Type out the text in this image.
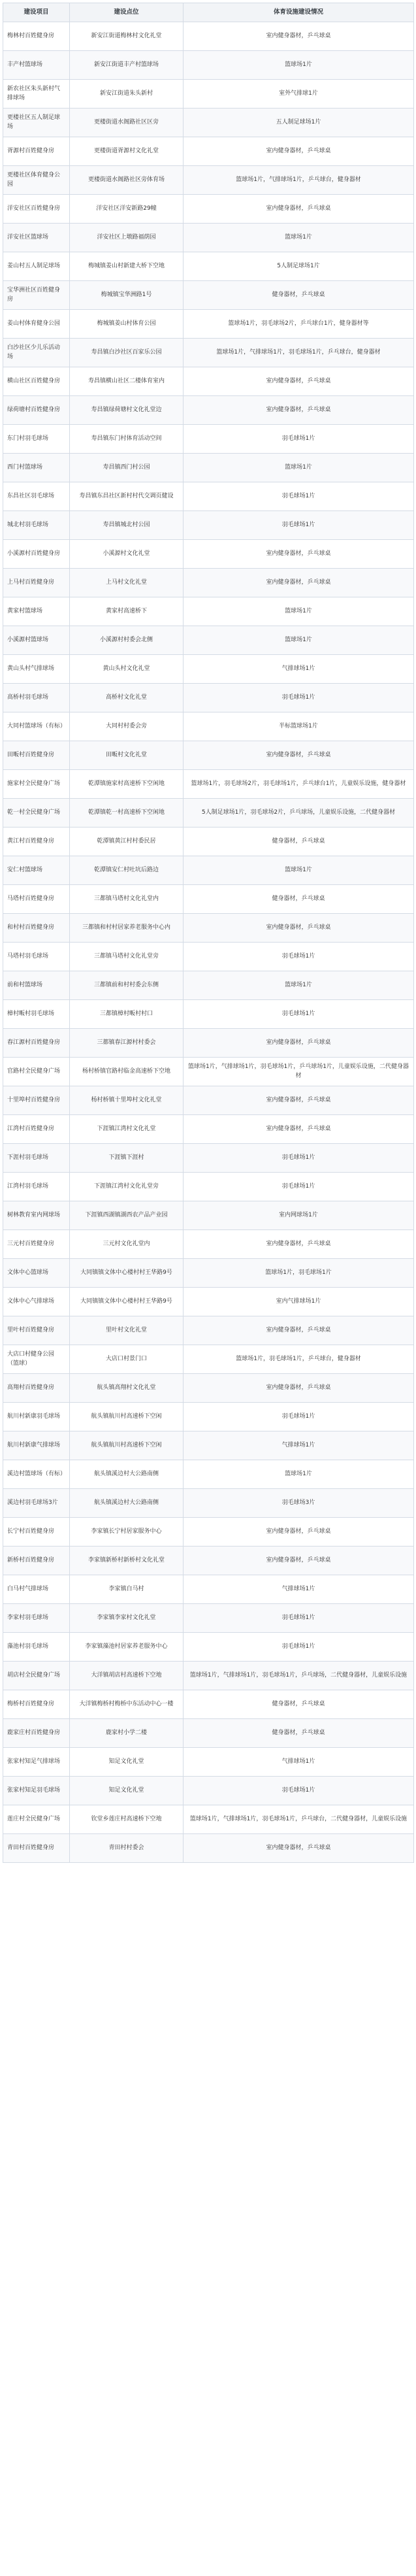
建设项目	建设点位	体育设施建设情况
梅林村百姓健身房	新安江街道梅林村文化礼堂	室内健身器材，乒乓球桌
丰产村篮球场	新安江街道丰产村篮球场	篮球场1片
新农社区朱头新村气排球场	新安江街道朱头新村	室外气排球1片
更楼社区五人制足球场	更楼街道水阁路社区区旁	五人制足球场1片
胥源村百姓健身房	更楼街道胥源村文化礼堂	室内健身器材，乒乓球桌
更楼社区体育健身公园	更楼街道水阁路社区旁体育场	篮球场1片，气排球场1片，乒乓球台，健身器材
洋安社区百姓健身房	洋安社区洋安新路29幢	室内健身器材，乒乓球桌
洋安社区篮球场	洋安社区上墩路福荫园	篮球场1片
姜山村五人制足球场	梅城镇姜山村新建大桥下空地	5人制足球场1片
宝华洲社区百姓健身房	梅城镇宝华洲路1号	健身器材，乒乓球桌
姜山村体育健身公园	梅城镇姜山村体育公园	篮球场1片，羽毛球场2片，乒乓球台1片，健身器材等
白沙社区少儿乐活动场	寿昌镇白沙社区百家乐公园	篮球场1片，气排球场1片，羽毛球场1片，乒乓球台，健身器材
横山社区百姓健身房	寿昌镇横山社区二楼体育室内	室内健身器材，乒乓球桌
绿荷塘村百姓健身房	寿昌镇绿荷塘村文化礼堂边	室内健身器材，乒乓球桌
东门村羽毛球场	寿昌镇东门村体育活动空间	羽毛球场1片
西门村篮球场	寿昌镇西门村公园	篮球场1片
东昌社区羽毛球场	寿昌镇东昌社区新村村代交调页健设	羽毛球场1片
城北村羽毛球场	寿昌镇城北村公园	羽毛球场1片
小溪源村百姓健身房	小溪源村文化礼堂	室内健身器材，乒乓球桌
上马村百姓健身房	上马村文化礼堂	室内健身器材，乒乓球桌
黄家村篮球场	黄家村高速桥下	篮球场1片
小溪源村篮球场	小溪源村村委会北侧	篮球场1片
黄山头村气排球场	黄山头村文化礼堂	气排球场1片
高桥村羽毛球场	高桥村文化礼堂	羽毛球场1片
大同村篮球场（有标）	大同村村委会旁	半标篮球场1片
田畈村百姓健身房	田畈村文化礼堂	室内健身器材，乒乓球桌
施家村全民健身广场	乾潭镇施家村高速桥下空闲地	篮球场1片，羽毛球场2片，羽毛球场1片，乒乓球台1片，儿童娱乐设施，健身器材
乾一村全民健身广场	乾潭镇乾一村高速桥下空闲地	5人制足球场1片，羽毛球场2片，乒乓球场，儿童娱乐设施，二代健身器材
黄江村百姓健身房	乾潭镇黄江村村委民居	健身器材，乒乓球桌
安仁村篮球场	乾潭镇安仁村吐坑后路边	篮球场1片
马塔村百姓健身房	三都镇马塔村文化礼堂内	健身器材，乒乓球桌
和村村百姓健身房	三都镇和村村居家养老服务中心内	室内健身器材，乒乓球桌
马塔村羽毛球场	三都镇马塔村文化礼堂旁	羽毛球场1片
前和村篮球场	三都镇前和村村委会东侧	篮球场1片
樟村畈村羽毛球场	三都镇樟村畈村村口	羽毛球场1片
春江源村百姓健身房	三都镇春江源村村委会	室内健身器材，乒乓球桌
官路村全民健身广场	杨村桥镇官路村临金高速桥下空地	篮球场1片，气排球场1片，羽毛球场1片，乒乓球场1片，儿童娱乐设施，二代健身器材
十里埠村百姓健身房	杨村桥镇十里埠村文化礼堂	室内健身器材，乒乓球桌
江湾村百姓健身房	下涯镇江湾村文化礼堂	室内健身器材，乒乓球桌
下涯村羽毛球场	下涯镇下涯村	羽毛球场1片
江湾村羽毛球场	下涯镇江湾村文化礼堂旁	羽毛球场1片
树林教育室内网球场	下涯镇西湖镇湖西农产品产业园	室内网球场1片
三元村百姓健身房	三元村文化礼堂内	室内健身器材，乒乓球桌
文体中心篮球场	大同镇镇文体中心楼村村王华路9号	篮球场1片，羽毛球场1片
文体中心气排球场	大同镇镇文体中心楼村村王华路9号	室内气排球场1片
里叶村百姓健身房	里叶村文化礼堂	室内健身器材，乒乓球桌
大店口村健身公园（篮球）	大店口村景门口	篮球场1片，羽毛球场1片，乒乓球台，健身器材
高翔村百姓健身房	航头镇高翔村文化礼堂	室内健身器材，乒乓球桌
航川村新康羽毛球场	航头镇航川村高速桥下空闲	羽毛球场1片
航川村新康气排球场	航头镇航川村高速桥下空闲	气排球场1片
溪边村篮球场（有标）	航头镇溪边村大公路南侧	篮球场1片
溪边村羽毛球场3片	航头镇溪边村大公路南侧	羽毛球场3片
长宁村百姓健身房	李家镇长宁村居家服务中心	室内健身器材，乒乓球桌
新桥村百姓健身房	李家镇新桥村新桥村文化礼堂	室内健身器材，乒乓球桌
白马村气排球场	李家镇白马村	气排球场1片
李家村羽毛球场	李家镇李家村文化礼堂	羽毛球场1片
藻池村羽毛球场	李家镇藻池村居家养老服务中心	羽毛球场1片
胡店村全民健身广场	大洋镇胡店村高速桥下空地	篮球场1片，气排球场1片，羽毛球场1片，乒乓球场，二代健身器材，儿童娱乐设施
梅桥村百姓健身房	大洋镇梅桥村梅桥中东活动中心一楼	健身器材，乒乓球桌
鹿家庄村百姓健身房	鹿家村小学二楼	健身器材，乒乓球桌
张家村知足气排球场	知足文化礼堂	气排球场1片
张家村知足羽毛球场	知足文化礼堂	羽毛球场1片
莲庄村全民健身广场	钦堂乡莲庄村高速桥下空地	篮球场1片，气排球场1片，羽毛球场1片，乒乓球台，二代健身器材，儿童娱乐设施
青田村百姓健身房	青田村村委会	室内健身器材，乒乓球桌
